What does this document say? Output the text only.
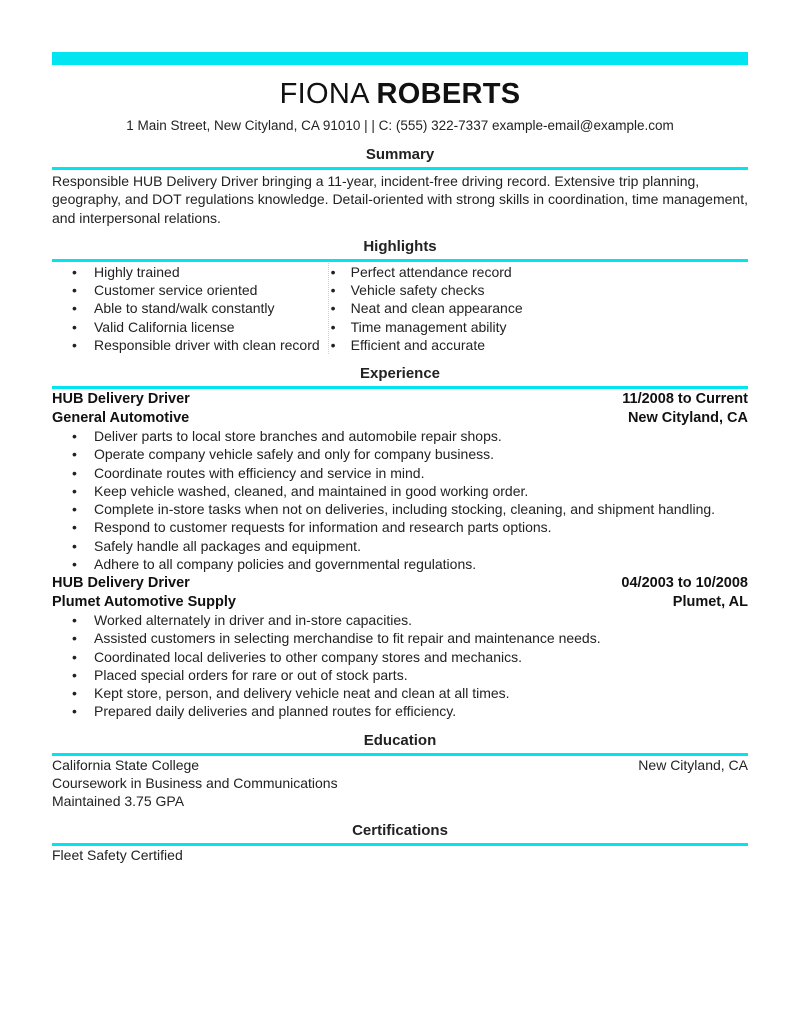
FIONA ROBERTS
1 Main Street, New Cityland, CA 91010 | | C: (555) 322-7337 example-email@example.com
Summary
Responsible HUB Delivery Driver bringing a 11-year, incident-free driving record. Extensive trip planning, geography, and DOT regulations knowledge. Detail-oriented with strong skills in coordination, time management, and interpersonal relations.
Highlights
• Highly trained
• Customer service oriented
• Able to stand/walk constantly
• Valid California license
• Responsible driver with clean record
• Perfect attendance record
• Vehicle safety checks
• Neat and clean appearance
• Time management ability
• Efficient and accurate
Experience
HUB Delivery Driver	11/2008 to Current
General Automotive	New Cityland, CA
• Deliver parts to local store branches and automobile repair shops.
• Operate company vehicle safely and only for company business.
• Coordinate routes with efficiency and service in mind.
• Keep vehicle washed, cleaned, and maintained in good working order.
• Complete in-store tasks when not on deliveries, including stocking, cleaning, and shipment handling.
• Respond to customer requests for information and research parts options.
• Safely handle all packages and equipment.
• Adhere to all company policies and governmental regulations.
HUB Delivery Driver	04/2003 to 10/2008
Plumet Automotive Supply	Plumet, AL
• Worked alternately in driver and in-store capacities.
• Assisted customers in selecting merchandise to fit repair and maintenance needs.
• Coordinated local deliveries to other company stores and mechanics.
• Placed special orders for rare or out of stock parts.
• Kept store, person, and delivery vehicle neat and clean at all times.
• Prepared daily deliveries and planned routes for efficiency.
Education
California State College	New Cityland, CA
Coursework in Business and Communications
Maintained 3.75 GPA
Certifications
Fleet Safety Certified
